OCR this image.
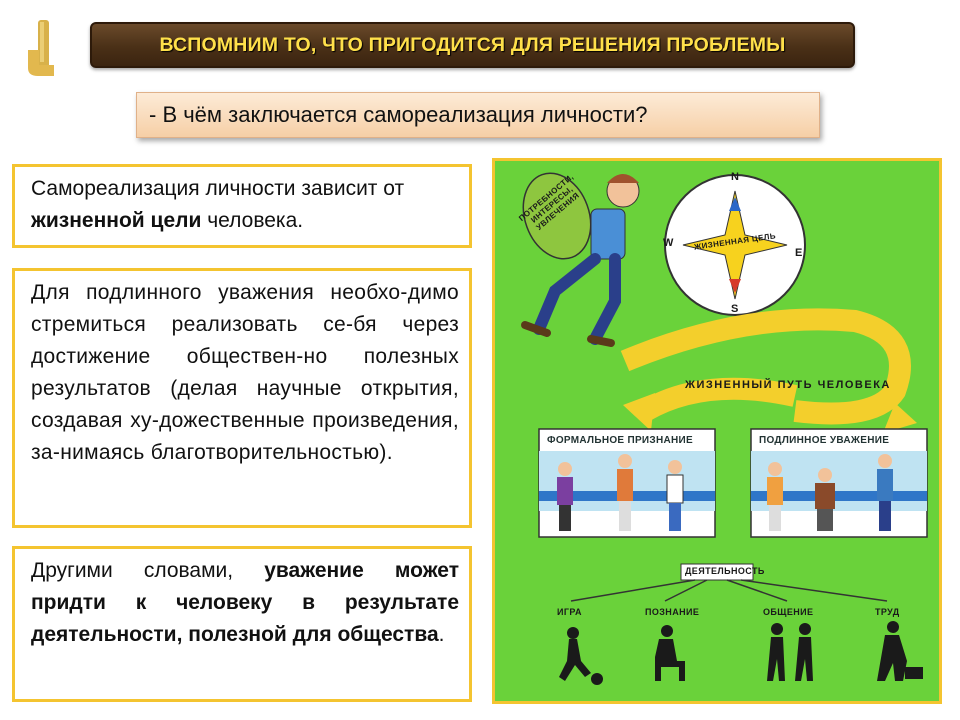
ВСПОМНИМ ТО, ЧТО ПРИГОДИТСЯ ДЛЯ РЕШЕНИЯ ПРОБЛЕМЫ
- В чём заключается самореализация личности?
Самореализация личности зависит от жизненной цели человека.
Для подлинного уважения необхо-димо стремиться реализовать се-бя через достижение обществен-но полезных результатов (делая научные открытия, создавая ху-дожественные произведения, за-нимаясь благотворительностью).
Другими словами, уважение может придти к человеку в результате деятельности, полезной для общества.
ПОТРЕБНОСТИ, ИНТЕРЕСЫ, УВЛЕЧЕНИЯ
ЖИЗНЕННАЯ ЦЕЛЬ
N
S
W
E
ЖИЗНЕННЫЙ ПУТЬ ЧЕЛОВЕКА
ФОРМАЛЬНОЕ ПРИЗНАНИЕ	ПОДЛИННОЕ УВАЖЕНИЕ
ДЕЯТЕЛЬНОСТЬ
ИГРА	ПОЗНАНИЕ	ОБЩЕНИЕ	ТРУД
